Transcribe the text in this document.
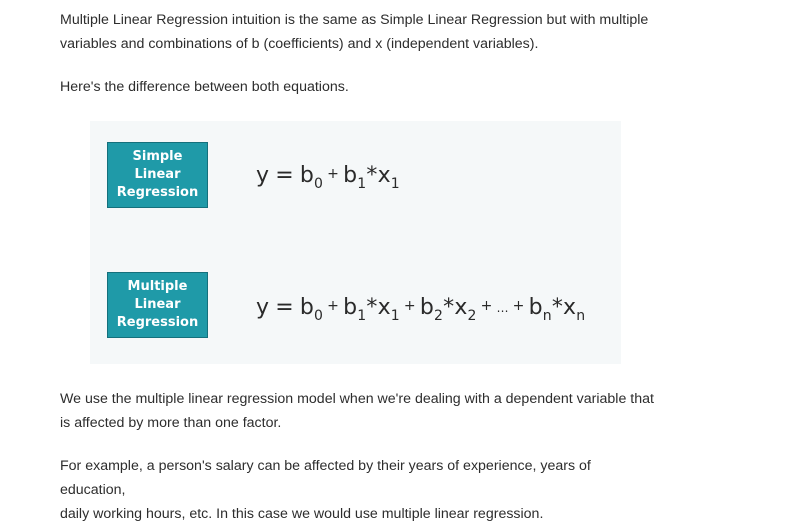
Multiple Linear Regression intuition is the same as Simple Linear Regression but with multiple
variables and combinations of b (coefficients) and x (independent variables).

Here's the difference between both equations.

Simple
Linear
Regression
$y = b_0+ b_1*x_1$
Multiple
Linear
Regression
$y = b_0+ b_1*x_1+ b_2*x_2+$ ... + $b_n*x_n$

We use the multiple linear regression model when we're dealing with a dependent variable that
is affected by more than one factor.

For example, a person's salary can be affected by their years of experience, years of education,
daily working hours, etc. In this case we would use multiple linear regression.
